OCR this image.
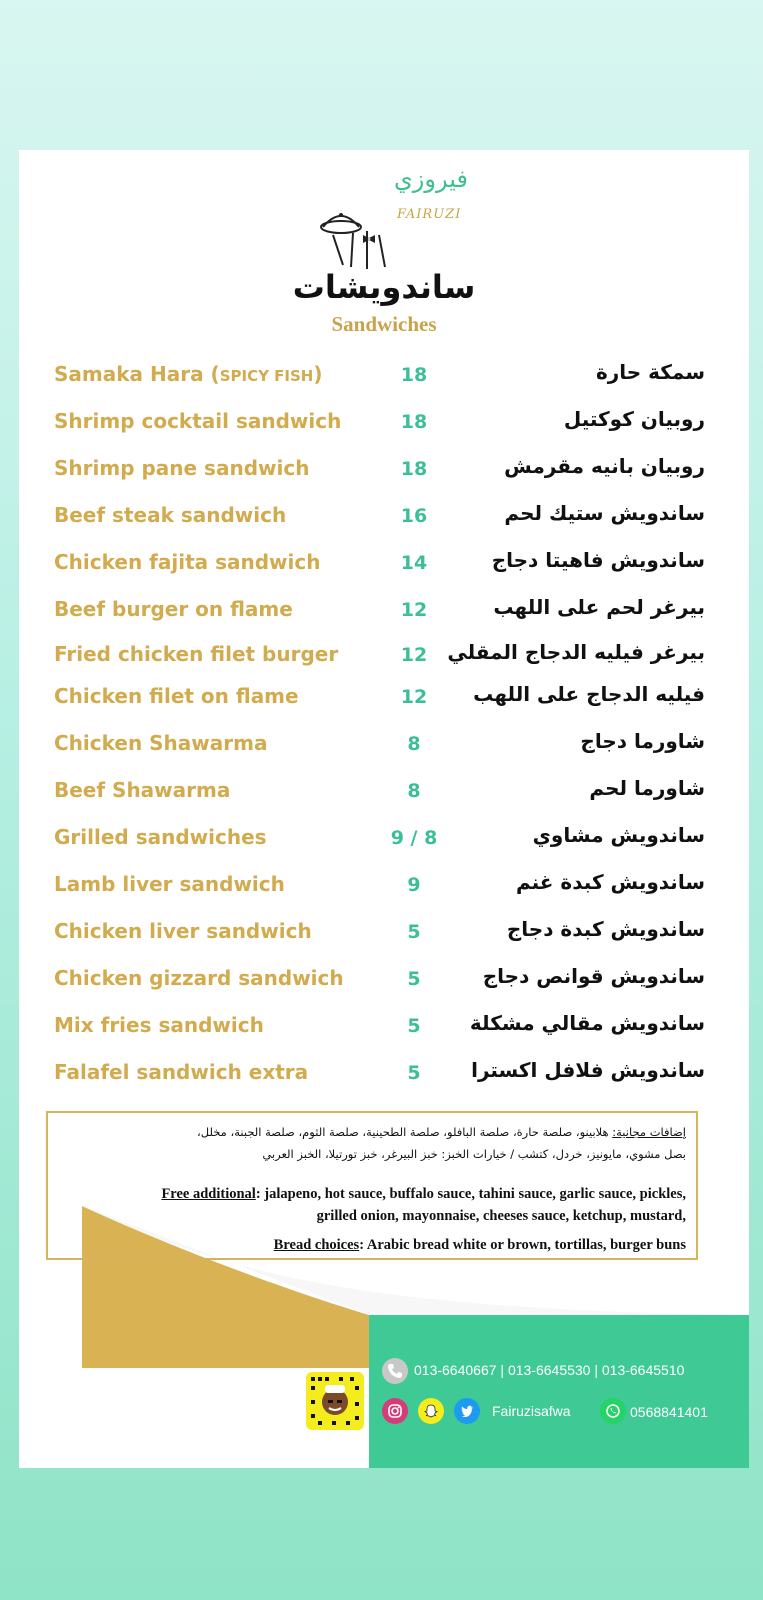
فيروزي
FAIRUZI
ساندويشات
Sandwiches
Samaka Hara (SPICY FISH)	18	سمكة حارة
Shrimp cocktail sandwich	18	روبيان كوكتيل
Shrimp pane sandwich	18	روبيان بانيه مقرمش
Beef steak sandwich	16	ساندويش ستيك لحم
Chicken fajita sandwich	14	ساندويش فاهيتا دجاج
Beef burger on flame	12	بيرغر لحم على اللهب
Fried chicken filet burger	12	بيرغر فيليه الدجاج المقلي
Chicken filet on flame	12	فيليه الدجاج على اللهب
Chicken Shawarma	8	شاورما دجاج
Beef Shawarma	8	شاورما لحم
Grilled sandwiches	9 / 8	ساندويش مشاوي
Lamb liver sandwich	9	ساندويش كبدة غنم
Chicken liver sandwich	5	ساندويش كبدة دجاج
Chicken gizzard sandwich	5	ساندويش قوانص دجاج
Mix fries sandwich	5	ساندويش مقالي مشكلة
Falafel sandwich extra	5	ساندويش فلافل اكسترا
إضافات مجانية: هلابينو، صلصة حارة، صلصة البافلو، صلصة الطحينية، صلصة الثوم، صلصة الجبنة، مخلل،
بصل مشوي، مايونيز، خردل، كتشب / خيارات الخبز: خبز البيرغر، خبز تورتيلا، الخبز العربي
Free additional: jalapeno, hot sauce, buffalo sauce, tahini sauce, garlic sauce, pickles,
grilled onion, mayonnaise, cheeses sauce, ketchup, mustard,
Bread choices: Arabic bread white or brown, tortillas, burger buns
013-6640667 | 013-6645530 | 013-6645510
Fairuzisafwa	0568841401
